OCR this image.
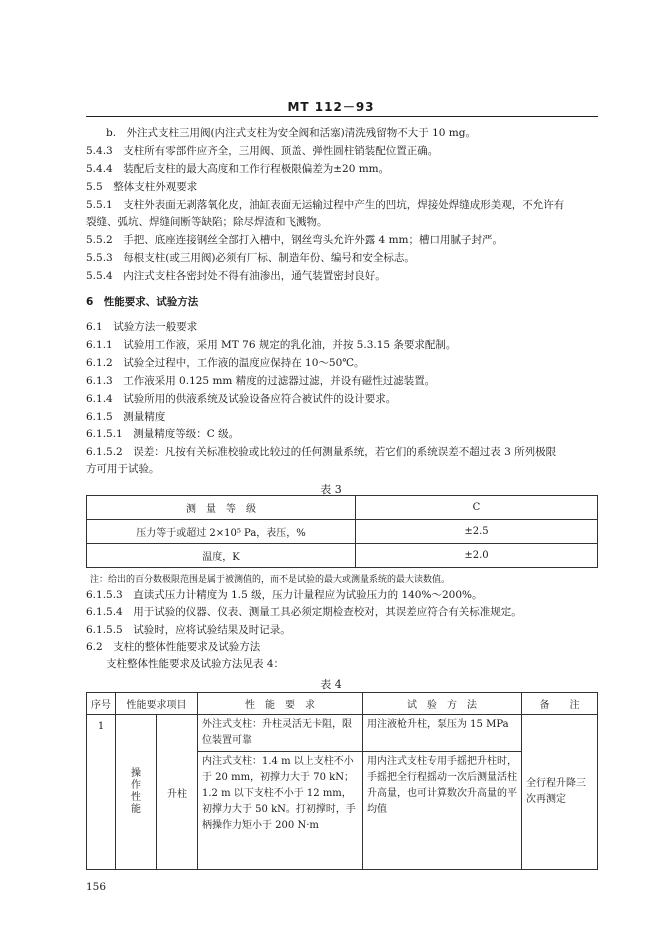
MT 112－93
b.　外注式支柱三用阀(内注式支柱为安全阀和活塞)清洗残留物不大于 10 mg。
5.4.3　支柱所有零部件应齐全，三用阀、顶盖、弹性圆柱销装配位置正确。
5.4.4　装配后支柱的最大高度和工作行程极限偏差为±20 mm。
5.5　整体支柱外观要求
5.5.1　支柱外表面无剥落氧化皮，油缸表面无运输过程中产生的凹坑，焊接处焊缝成形美观，不允许有
裂缝、弧坑、焊缝间断等缺陷；除尽焊渣和飞溅物。
5.5.2　手把、底座连接钢丝全部打入槽中，钢丝弯头允许外露 4 mm；槽口用腻子封严。
5.5.3　每根支柱(或三用阀)必须有厂标、制造年份、编号和安全标志。
5.5.4　内注式支柱各密封处不得有油渗出，通气装置密封良好。
6　性能要求、试验方法
6.1　试验方法一般要求
6.1.1　试验用工作液，采用 MT 76 规定的乳化油，并按 5.3.15 条要求配制。
6.1.2　试验全过程中，工作液的温度应保持在 10～50℃。
6.1.3　工作液采用 0.125 mm 精度的过滤器过滤，并设有磁性过滤装置。
6.1.4　试验所用的供液系统及试验设备应符合被试件的设计要求。
6.1.5　测量精度
6.1.5.1　测量精度等级：C 级。
6.1.5.2　误差：凡按有关标准校验或比较过的任何测量系统，若它们的系统误差不超过表 3 所列极限
方可用于试验。
表 3
测　量　等　级	C
压力等于或超过 2×10⁵ Pa，表压，%	±2.5
温度，K	±2.0
注：给出的百分数极限范围是属于被测值的，而不是试验的最大或测量系统的最大读数值。
6.1.5.3　直读式压力计精度为 1.5 级，压力计量程应为试验压力的 140%～200%。
6.1.5.4　用于试验的仪器、仪表、测量工具必须定期检查校对，其误差应符合有关标准规定。
6.1.5.5　试验时，应将试验结果及时记录。
6.2　支柱的整体性能要求及试验方法
支柱整体性能要求及试验方法见表 4：
表 4
序号	性能要求项目		性　能　要　求	试　验　方　法	备　　注
1	操作性能	升柱	外注式支柱：升柱灵活无卡阻，限位装置可靠	用注液枪升柱，泵压为 15 MPa	全行程升降三次再测定

			内注式支柱：1.4 m 以上支柱不小于 20 mm，初撑力大于 70 kN；1.2 m 以下支柱不小于 12 mm，初撑力大于 50 kN。打初撑时，手柄操作力矩小于 200 N·m	用内注式支柱专用手摇把升柱时，手摇把全行程摇动一次后测量活柱升高量，也可计算数次升高量的平均值	
156
